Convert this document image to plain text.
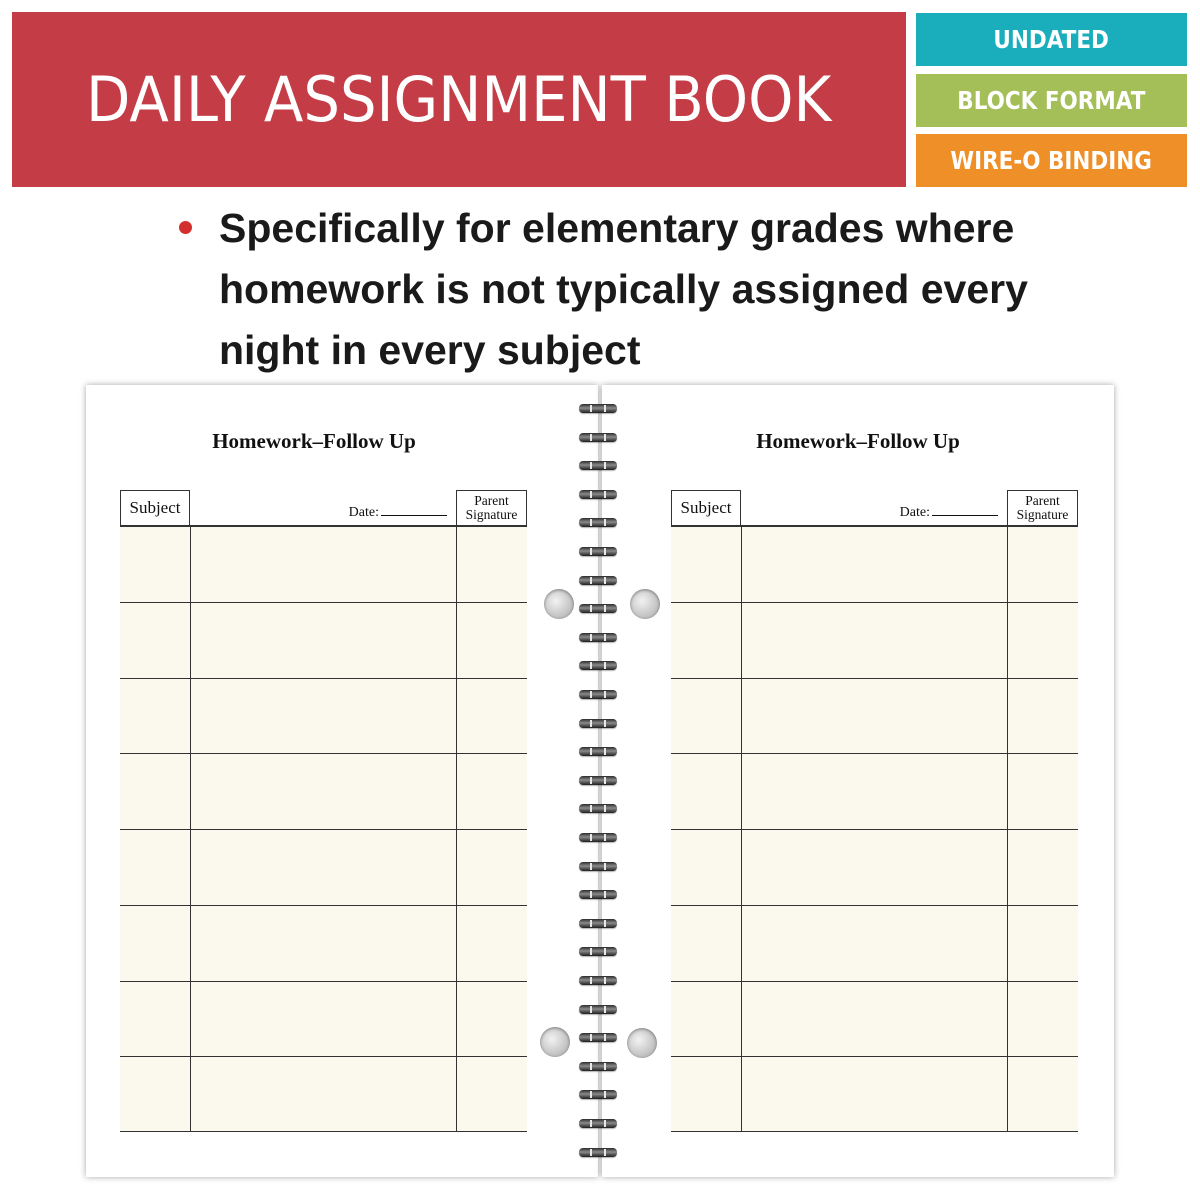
DAILY ASSIGNMENT BOOK
UNDATED
BLOCK FORMAT
WIRE-O BINDING
Specifically for elementary grades where
homework is not typically assigned every
night in every subject
Homework–Follow Up
Subject	Date:
Parent
Signature
Homework–Follow Up
Subject	Date:
Parent
Signature
